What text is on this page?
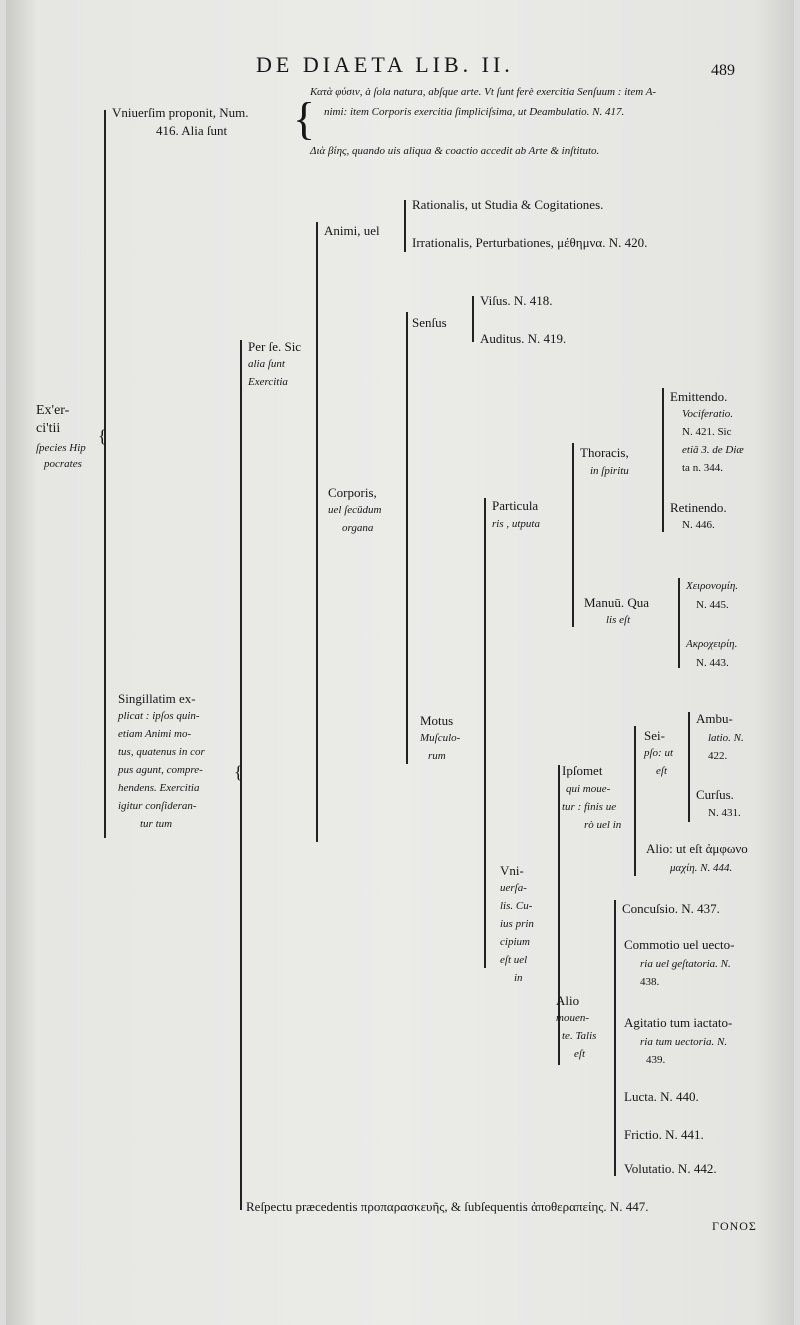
DE DIAETA LIB. II.	489
Ex'er-
ci'tii
ſpecies Hip
pocrates
{
Vniuerſim proponit, Num.
416. Alia ſunt {
Κατὰ φύσιν, à ſola natura, abſque arte. Vt ſunt ferè exercitia Senſuum : item A-
nimi: item Corporis exercitia ſimpliciſsima, ut Deambulatio. N. 417.
Διὰ βίης, quando uis aliqua & coactio accedit ab Arte & inſtituto.
Singillatim ex-
plicat : ipſos quin-
etiam Animi mo-
tus, quatenus in cor
pus agunt, compre-
hendens. Exercitia
igitur conſideran-
tur tum
{
Per ſe. Sic
alia ſunt
Exercitia
Animi, uel
Rationalis, ut Studia & Cogitationes.
Irrationalis, Perturbationes, μέθημνα. N. 420.
Corporis,
uel ſecūdum
organa
Senſus
Viſus. N. 418.
Auditus. N. 419.
Motus
Muſculo-
rum
Particula
ris , utputa
Thoracis,
in ſpiritu
Emittendo.
Vociferatio.
N. 421. Sic
etiā 3. de Diæ
ta n. 344.
Retinendo.
N. 446.
Manuū. Qua
lis eſt
Χειρονομίη.
N. 445.
Ακροχειρίη.
N. 443.
Vni-
uerſa-
lis. Cu-
ius prin
cipium
eſt uel
in
Ipſomet
qui moue-
tur : finis ue
rò uel in
Sei-
pſo: ut
eſt
Ambu-
latio. N.
422.
Curſus.
N. 431.
Alio: ut eſt ἀμφωνο
μαχίη. N. 444.
Alio
mouen-
te. Talis
eſt
Concuſsio. N. 437.
Commotio uel uecto-
ria uel geſtatoria. N.
438.
Agitatio tum iactato-
ria tum uectoria. N.
439.
Lucta. N. 440.
Frictio. N. 441.
Volutatio. N. 442.
Reſpectu præcedentis προπαρασκευῆς, & ſubſequentis ἀποθεραπείης. N. 447.
ΓΟΝΟΣ
